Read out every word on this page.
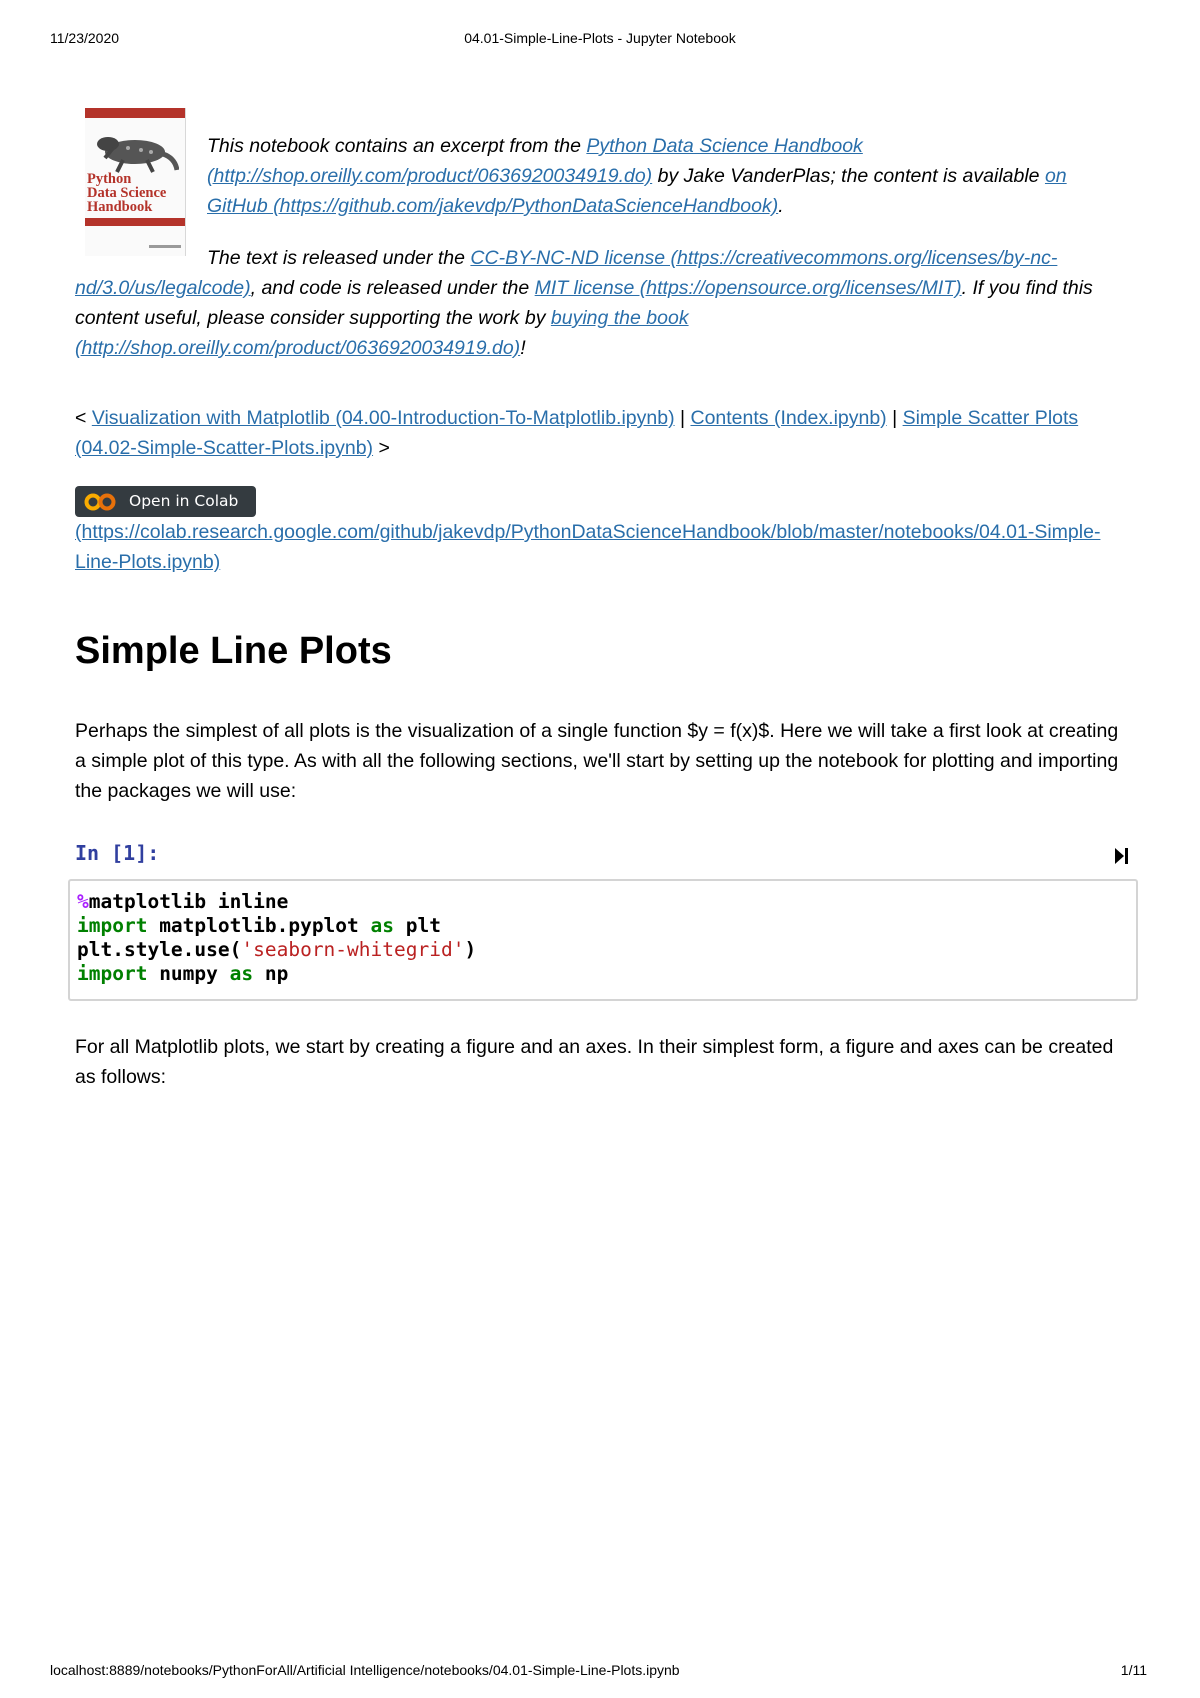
11/23/2020	04.01-Simple-Line-Plots - Jupyter Notebook
Python
Data Science
Handbook

This notebook contains an excerpt from the Python Data Science Handbook (http://shop.oreilly.com/product/0636920034919.do) by Jake VanderPlas; the content is available on GitHub (https://github.com/jakevdp/PythonDataScienceHandbook).

The text is released under the CC-BY-NC-ND license (https://creativecommons.org/licenses/by-nc-nd/3.0/us/legalcode), and code is released under the MIT license (https://opensource.org/licenses/MIT). If you find this content useful, please consider supporting the work by buying the book (http://shop.oreilly.com/product/0636920034919.do)!

< Visualization with Matplotlib (04.00-Introduction-To-Matplotlib.ipynb) | Contents (Index.ipynb) | Simple Scatter Plots (04.02-Simple-Scatter-Plots.ipynb) >
Open in Colab
(https://colab.research.google.com/github/jakevdp/PythonDataScienceHandbook/blob/master/notebooks/04.01-Simple-Line-Plots.ipynb)
Simple Line Plots
Perhaps the simplest of all plots is the visualization of a single function $y = f(x)$. Here we will take a first look at creating a simple plot of this type. As with all the following sections, we'll start by setting up the notebook for plotting and importing the packages we will use:
In [1]:
%matplotlib inline
import matplotlib.pyplot as plt
plt.style.use('seaborn-whitegrid')
import numpy as np
For all Matplotlib plots, we start by creating a figure and an axes. In their simplest form, a figure and axes can be created as follows:
localhost:8889/notebooks/PythonForAll/Artificial Intelligence/notebooks/04.01-Simple-Line-Plots.ipynb	1/11
